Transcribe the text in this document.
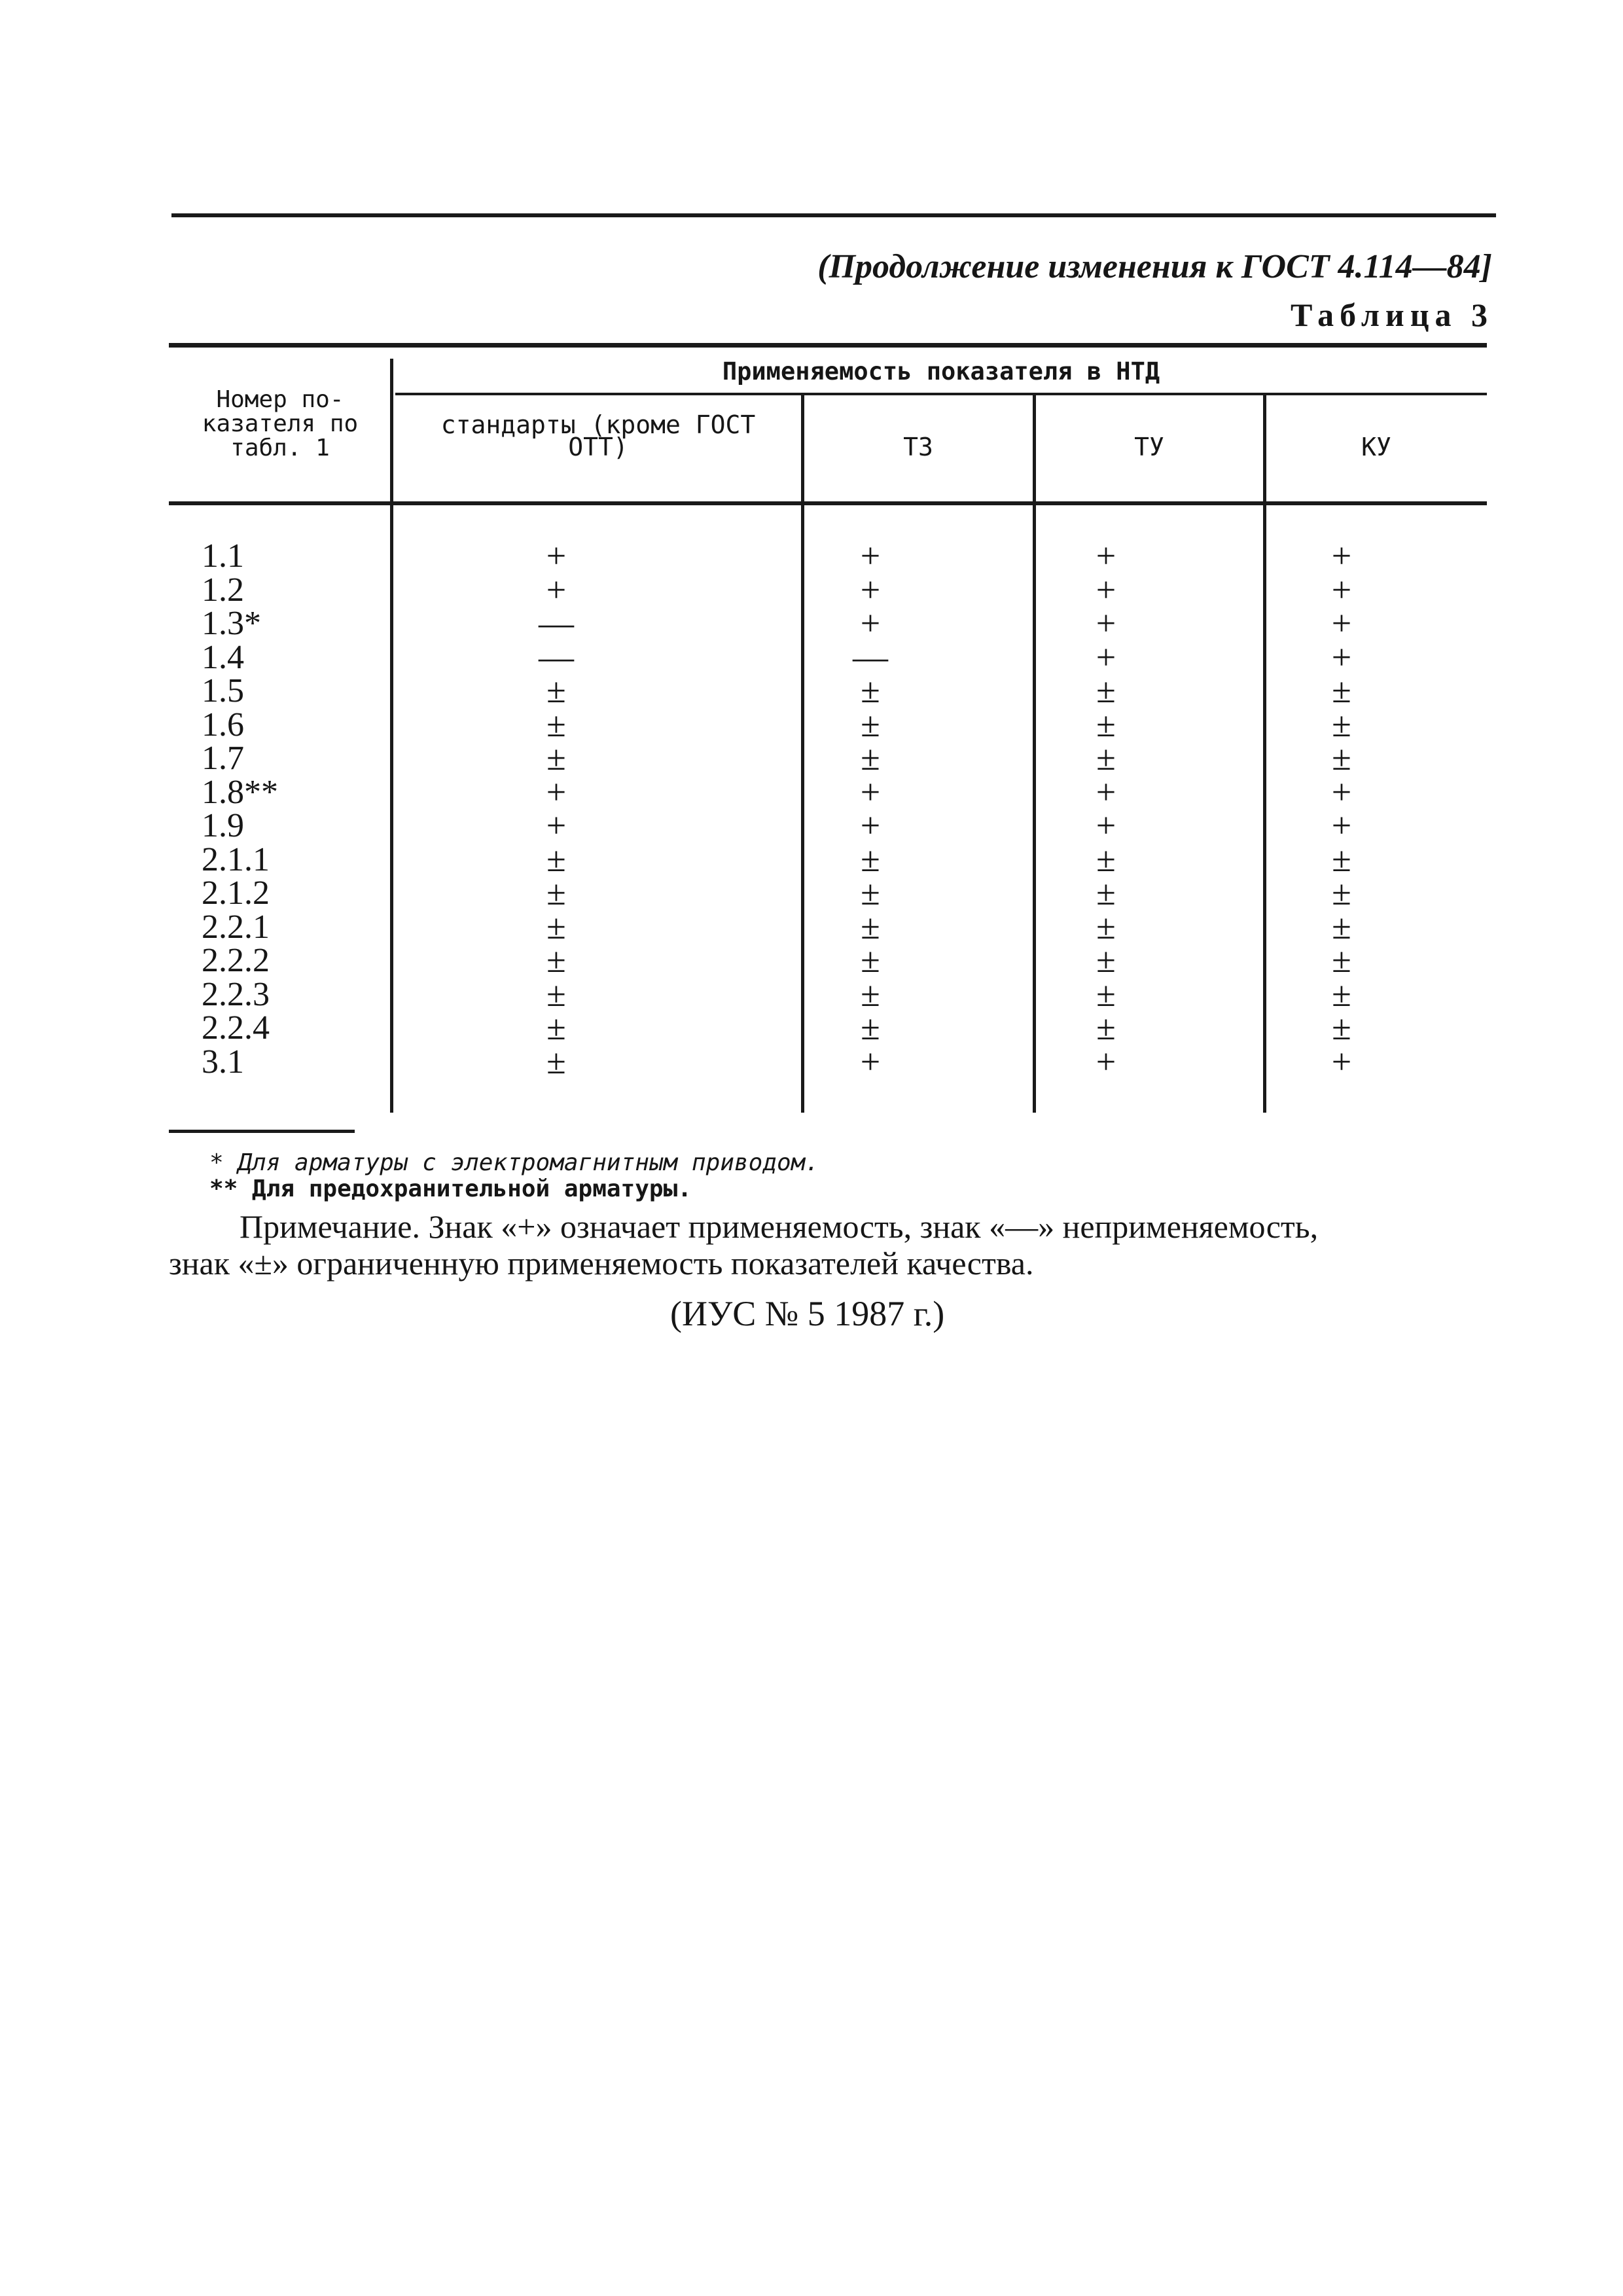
(Продолжение изменения к ГОСТ 4.114—84]
Таблица 3
Номер по-
казателя по
табл. 1
Применяемость показателя в НТД
стандарты (кроме ГОСТ
ОТТ)	ТЗ	ТУ	КУ
1.1	+	+	+	+
1.2	+	+	+	+
1.3*	—	+	+	+
1.4	—	—	+	+
1.5	±	±	±	±
1.6	±	±	±	±
1.7	±	±	±	±
1.8**	+	+	+	+
1.9	+	+	+	+
2.1.1	±	±	±	±
2.1.2	±	±	±	±
2.2.1	±	±	±	±
2.2.2	±	±	±	±
2.2.3	±	±	±	±
2.2.4	±	±	±	±
3.1	±	+	+	+
* Для арматуры с электромагнитным приводом.
** Для предохранительной арматуры.
Примечание. Знак «+» означает применяемость, знак «—» неприменяемость,
знак «±» ограниченную применяемость показателей качества.
(ИУС № 5 1987 г.)
